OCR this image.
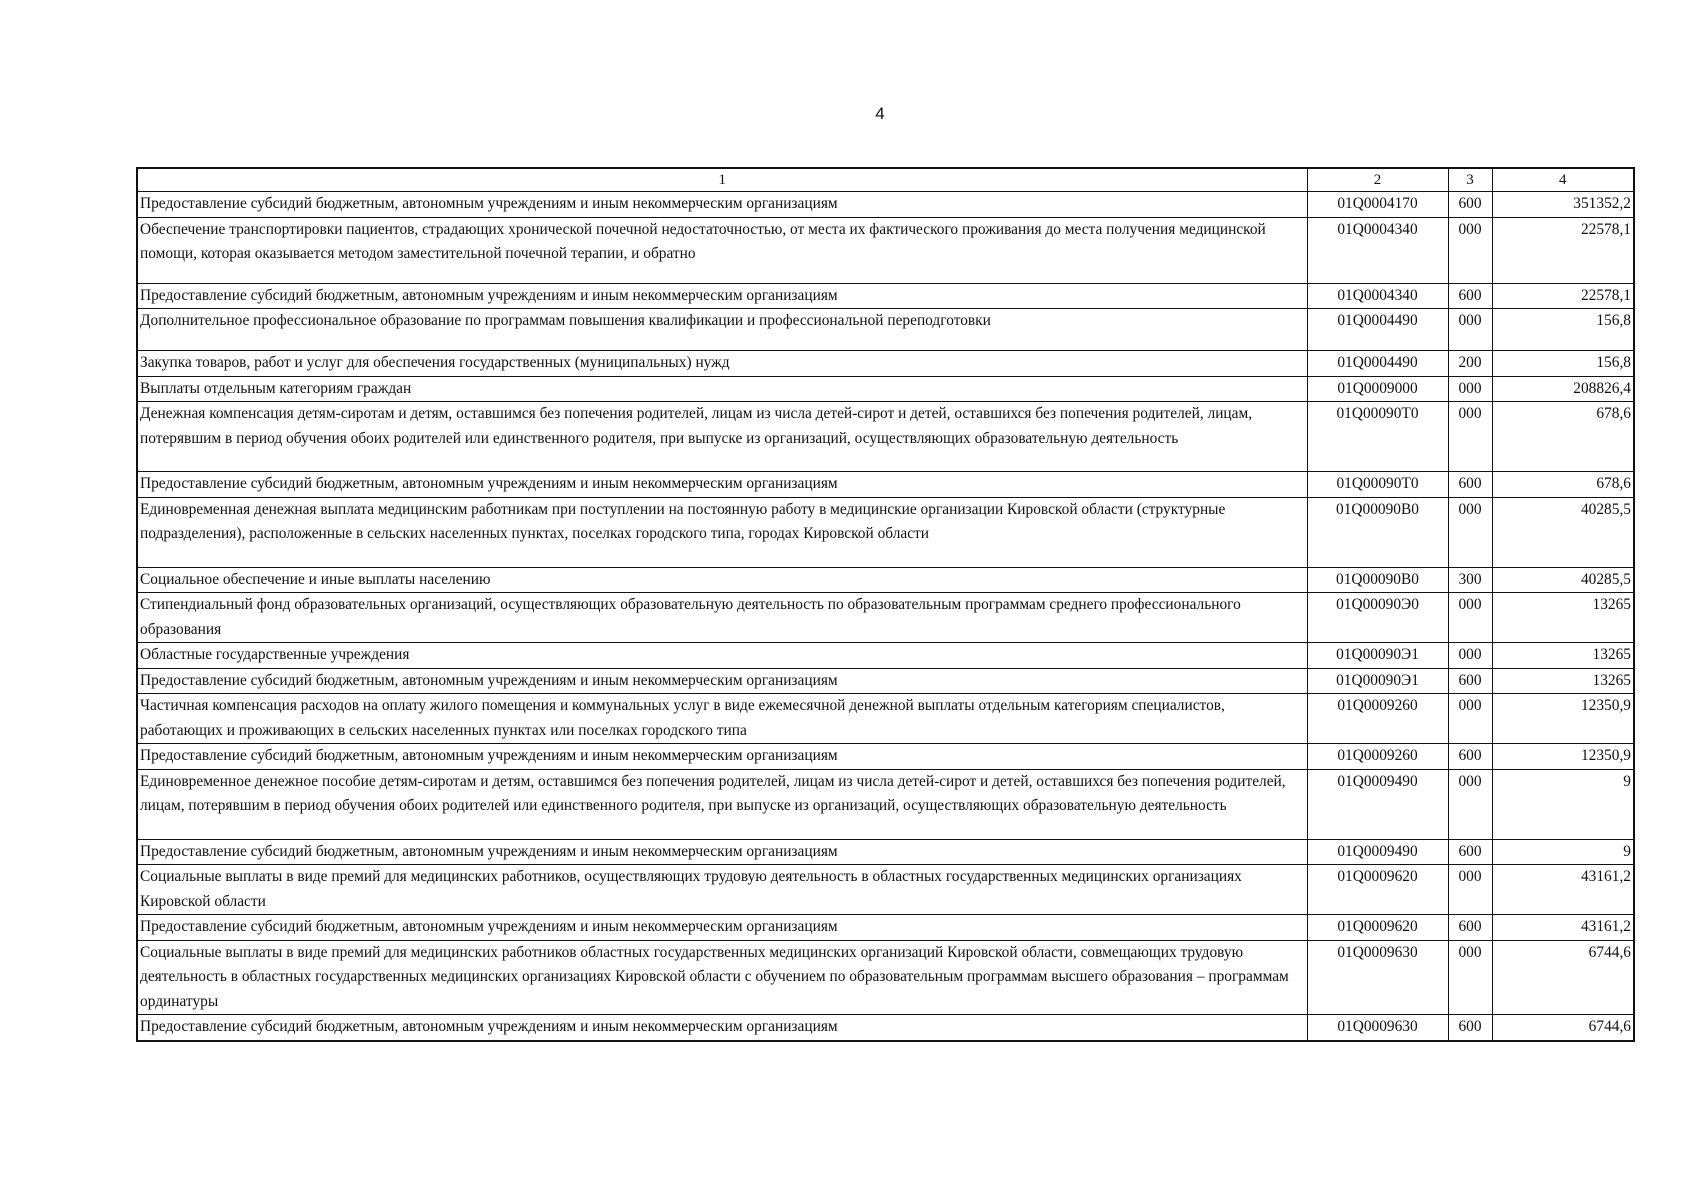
4
1	2	3	4
Предоставление субсидий бюджетным, автономным учреждениям и иным некоммерческим организациям	01Q0004170	600	351352,2
Обеспечение транспортировки пациентов, страдающих хронической почечной недостаточностью, от места их фактического проживания до места получения медицинской помощи, которая оказывается методом заместительной почечной терапии, и обратно	01Q0004340	000	22578,1
Предоставление субсидий бюджетным, автономным учреждениям и иным некоммерческим организациям	01Q0004340	600	22578,1
Дополнительное профессиональное образование по программам повышения квалификации и профессиональной переподготовки	01Q0004490	000	156,8
Закупка товаров, работ и услуг для обеспечения государственных (муниципальных) нужд	01Q0004490	200	156,8
Выплаты отдельным категориям граждан	01Q0009000	000	208826,4
Денежная компенсация детям-сиротам и детям, оставшимся без попечения родителей, лицам из числа детей-сирот и детей, оставшихся без попечения родителей, лицам, потерявшим в период обучения обоих родителей или единственного родителя, при выпуске из организаций, осуществляющих образовательную деятельность	01Q00090Т0	000	678,6
Предоставление субсидий бюджетным, автономным учреждениям и иным некоммерческим организациям	01Q00090Т0	600	678,6
Единовременная денежная выплата медицинским работникам при поступлении на постоянную работу в медицинские организации Кировской области (структурные подразделения), расположенные в сельских населенных пунктах, поселках городского типа, городах Кировской области	01Q00090В0	000	40285,5
Социальное обеспечение и иные выплаты населению	01Q00090В0	300	40285,5
Стипендиальный фонд образовательных организаций, осуществляющих образовательную деятельность по образовательным программам среднего профессионального образования	01Q00090Э0	000	13265
Областные государственные учреждения	01Q00090Э1	000	13265
Предоставление субсидий бюджетным, автономным учреждениям и иным некоммерческим организациям	01Q00090Э1	600	13265
Частичная компенсация расходов на оплату жилого помещения и коммунальных услуг в виде ежемесячной денежной выплаты отдельным категориям специалистов, работающих и проживающих в сельских населенных пунктах или поселках городского типа	01Q0009260	000	12350,9
Предоставление субсидий бюджетным, автономным учреждениям и иным некоммерческим организациям	01Q0009260	600	12350,9
Единовременное денежное пособие детям-сиротам и детям, оставшимся без попечения родителей, лицам из числа детей-сирот и детей, оставшихся без попечения родителей, лицам, потерявшим в период обучения обоих родителей или единственного родителя, при выпуске из организаций, осуществляющих образовательную деятельность	01Q0009490	000	9
Предоставление субсидий бюджетным, автономным учреждениям и иным некоммерческим организациям	01Q0009490	600	9
Социальные выплаты в виде премий для медицинских работников, осуществляющих трудовую деятельность в областных государственных медицинских организациях Кировской области	01Q0009620	000	43161,2
Предоставление субсидий бюджетным, автономным учреждениям и иным некоммерческим организациям	01Q0009620	600	43161,2
Социальные выплаты в виде премий для медицинских работников областных государственных медицинских организаций Кировской области, совмещающих трудовую деятельность в областных государственных медицинских организациях Кировской области с обучением по образовательным программам высшего образования – программам ординатуры	01Q0009630	000	6744,6
Предоставление субсидий бюджетным, автономным учреждениям и иным некоммерческим организациям	01Q0009630	600	6744,6
